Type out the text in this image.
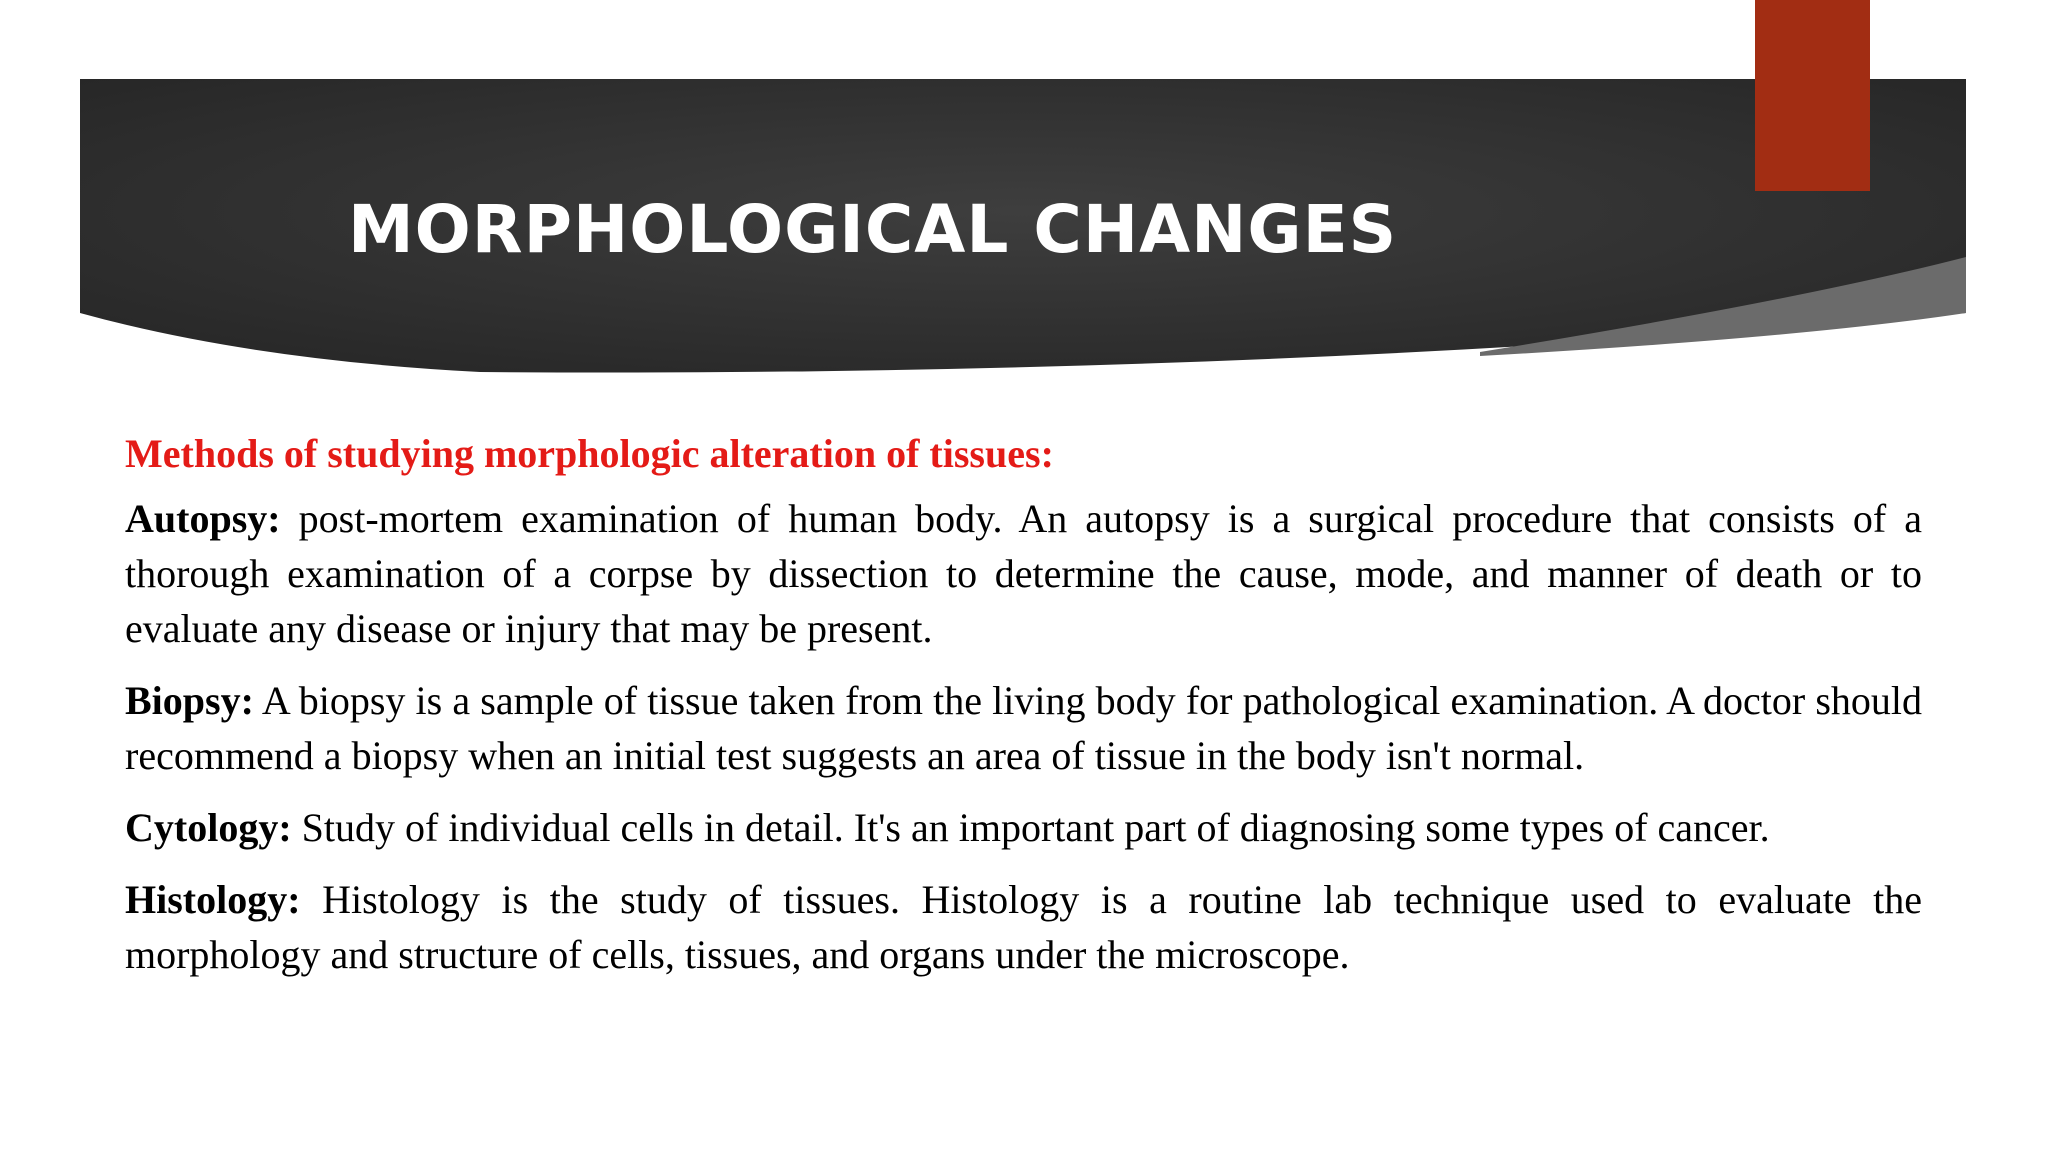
MORPHOLOGICAL CHANGES

Methods of studying morphologic alteration of tissues:

Autopsy: post-mortem examination of human body. An autopsy is a surgical procedure that consists of a thorough examination of a corpse by dissection to determine the cause, mode, and manner of death or to evaluate any disease or injury that may be present.

Biopsy: A biopsy is a sample of tissue taken from the living body for pathological examination. A doctor should recommend a biopsy when an initial test suggests an area of tissue in the body isn't normal.

Cytology: Study of individual cells in detail. It's an important part of diagnosing some types of cancer.

Histology: Histology is the study of tissues. Histology is a routine lab technique used to evaluate the morphology and structure of cells, tissues, and organs under the microscope.
